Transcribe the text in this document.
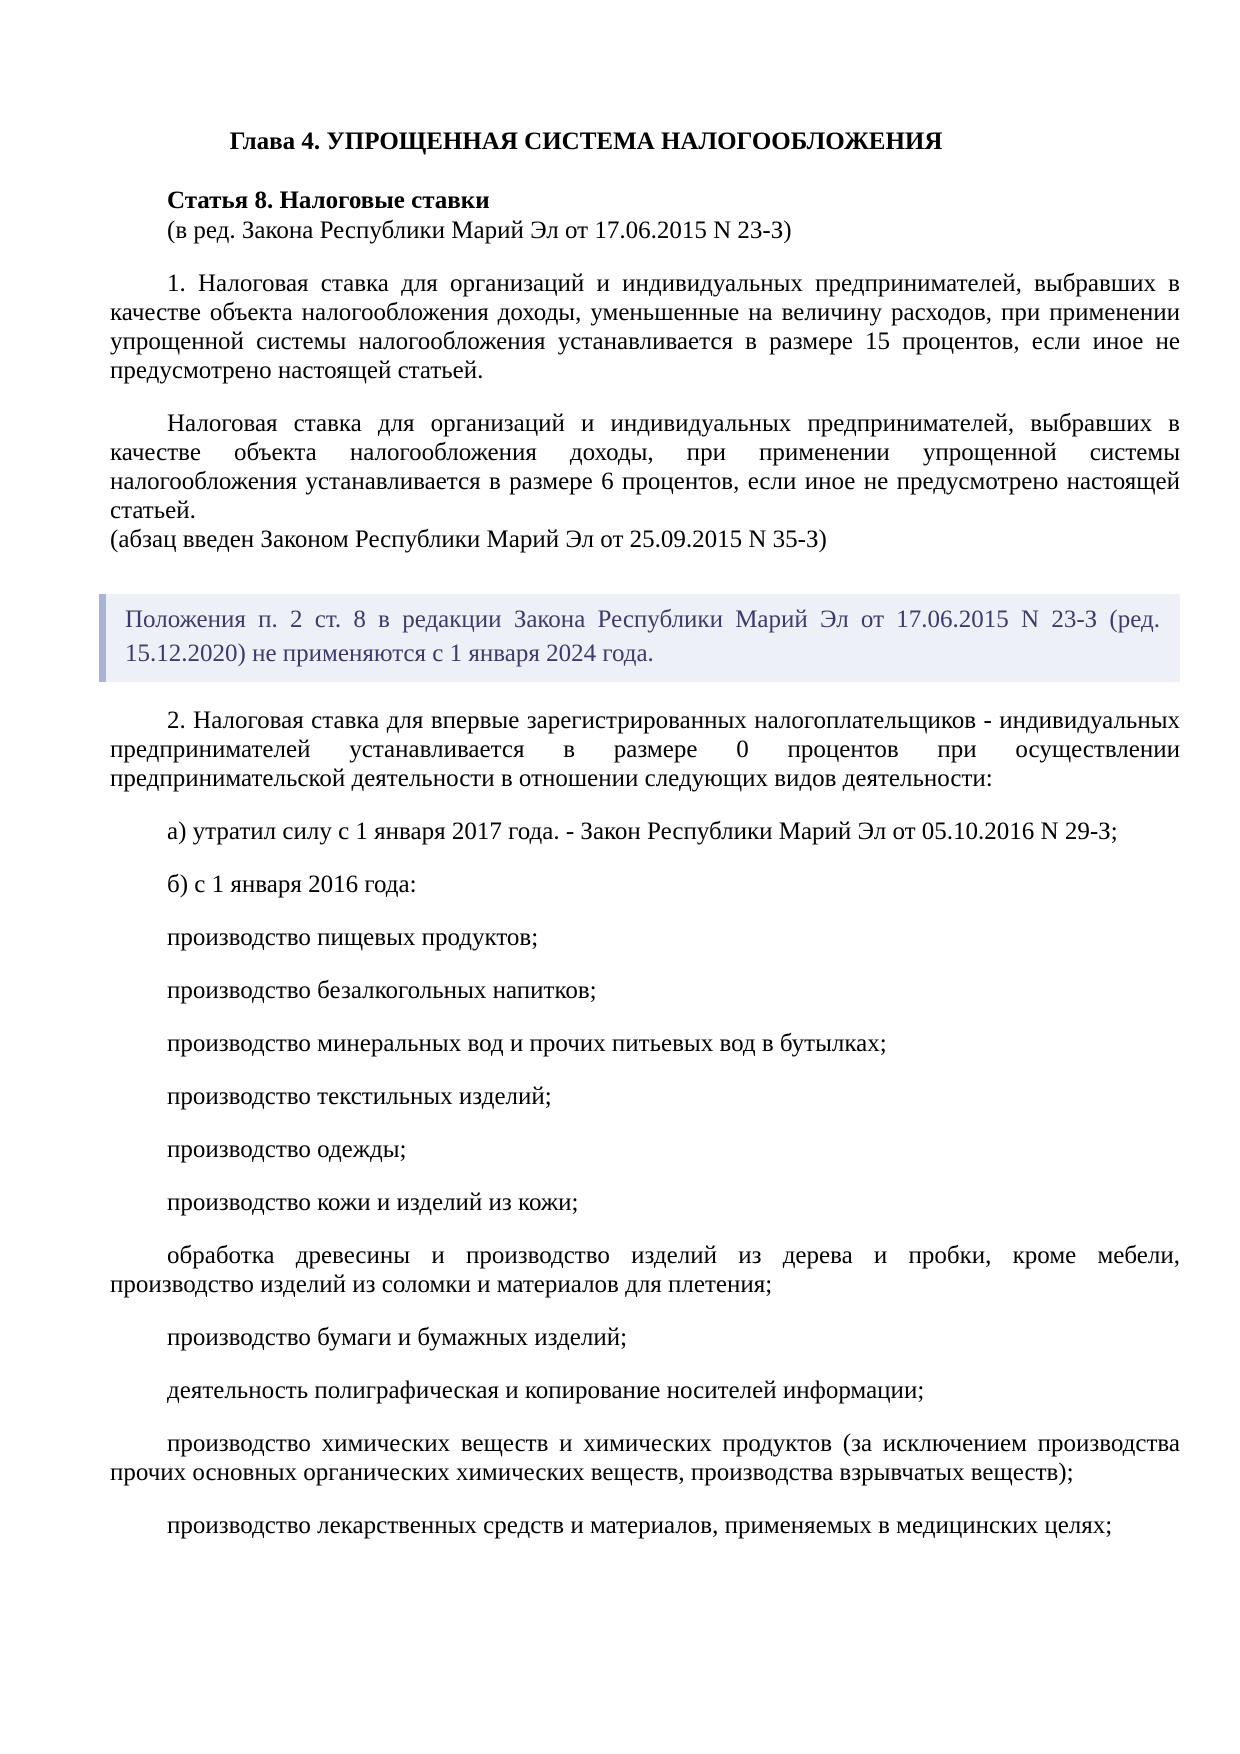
Глава 4. УПРОЩЕННАЯ СИСТЕМА НАЛОГООБЛОЖЕНИЯ
Статья 8. Налоговые ставки

(в ред. Закона Республики Марий Эл от 17.06.2015 N 23-З)

1. Налоговая ставка для организаций и индивидуальных предпринимателей, выбравших в качестве объекта налогообложения доходы, уменьшенные на величину расходов, при применении упрощенной системы налогообложения устанавливается в размере 15 процентов, если иное не предусмотрено настоящей статьей.

Налоговая ставка для организаций и индивидуальных предпринимателей, выбравших в качестве объекта налогообложения доходы, при применении упрощенной системы налогообложения устанавливается в размере 6 процентов, если иное не предусмотрено настоящей статьей.

(абзац введен Законом Республики Марий Эл от 25.09.2015 N 35-З)

Положения п. 2 ст. 8 в редакции Закона Республики Марий Эл от 17.06.2015 N 23-З (ред. 15.12.2020) не применяются с 1 января 2024 года.

2. Налоговая ставка для впервые зарегистрированных налогоплательщиков - индивидуальных предпринимателей устанавливается в размере 0 процентов при осуществлении предпринимательской деятельности в отношении следующих видов деятельности:

а) утратил силу с 1 января 2017 года. - Закон Республики Марий Эл от 05.10.2016 N 29-З;

б) с 1 января 2016 года:

производство пищевых продуктов;

производство безалкогольных напитков;

производство минеральных вод и прочих питьевых вод в бутылках;

производство текстильных изделий;

производство одежды;

производство кожи и изделий из кожи;

обработка древесины и производство изделий из дерева и пробки, кроме мебели, производство изделий из соломки и материалов для плетения;

производство бумаги и бумажных изделий;

деятельность полиграфическая и копирование носителей информации;

производство химических веществ и химических продуктов (за исключением производства прочих основных органических химических веществ, производства взрывчатых веществ);

производство лекарственных средств и материалов, применяемых в медицинских целях;
